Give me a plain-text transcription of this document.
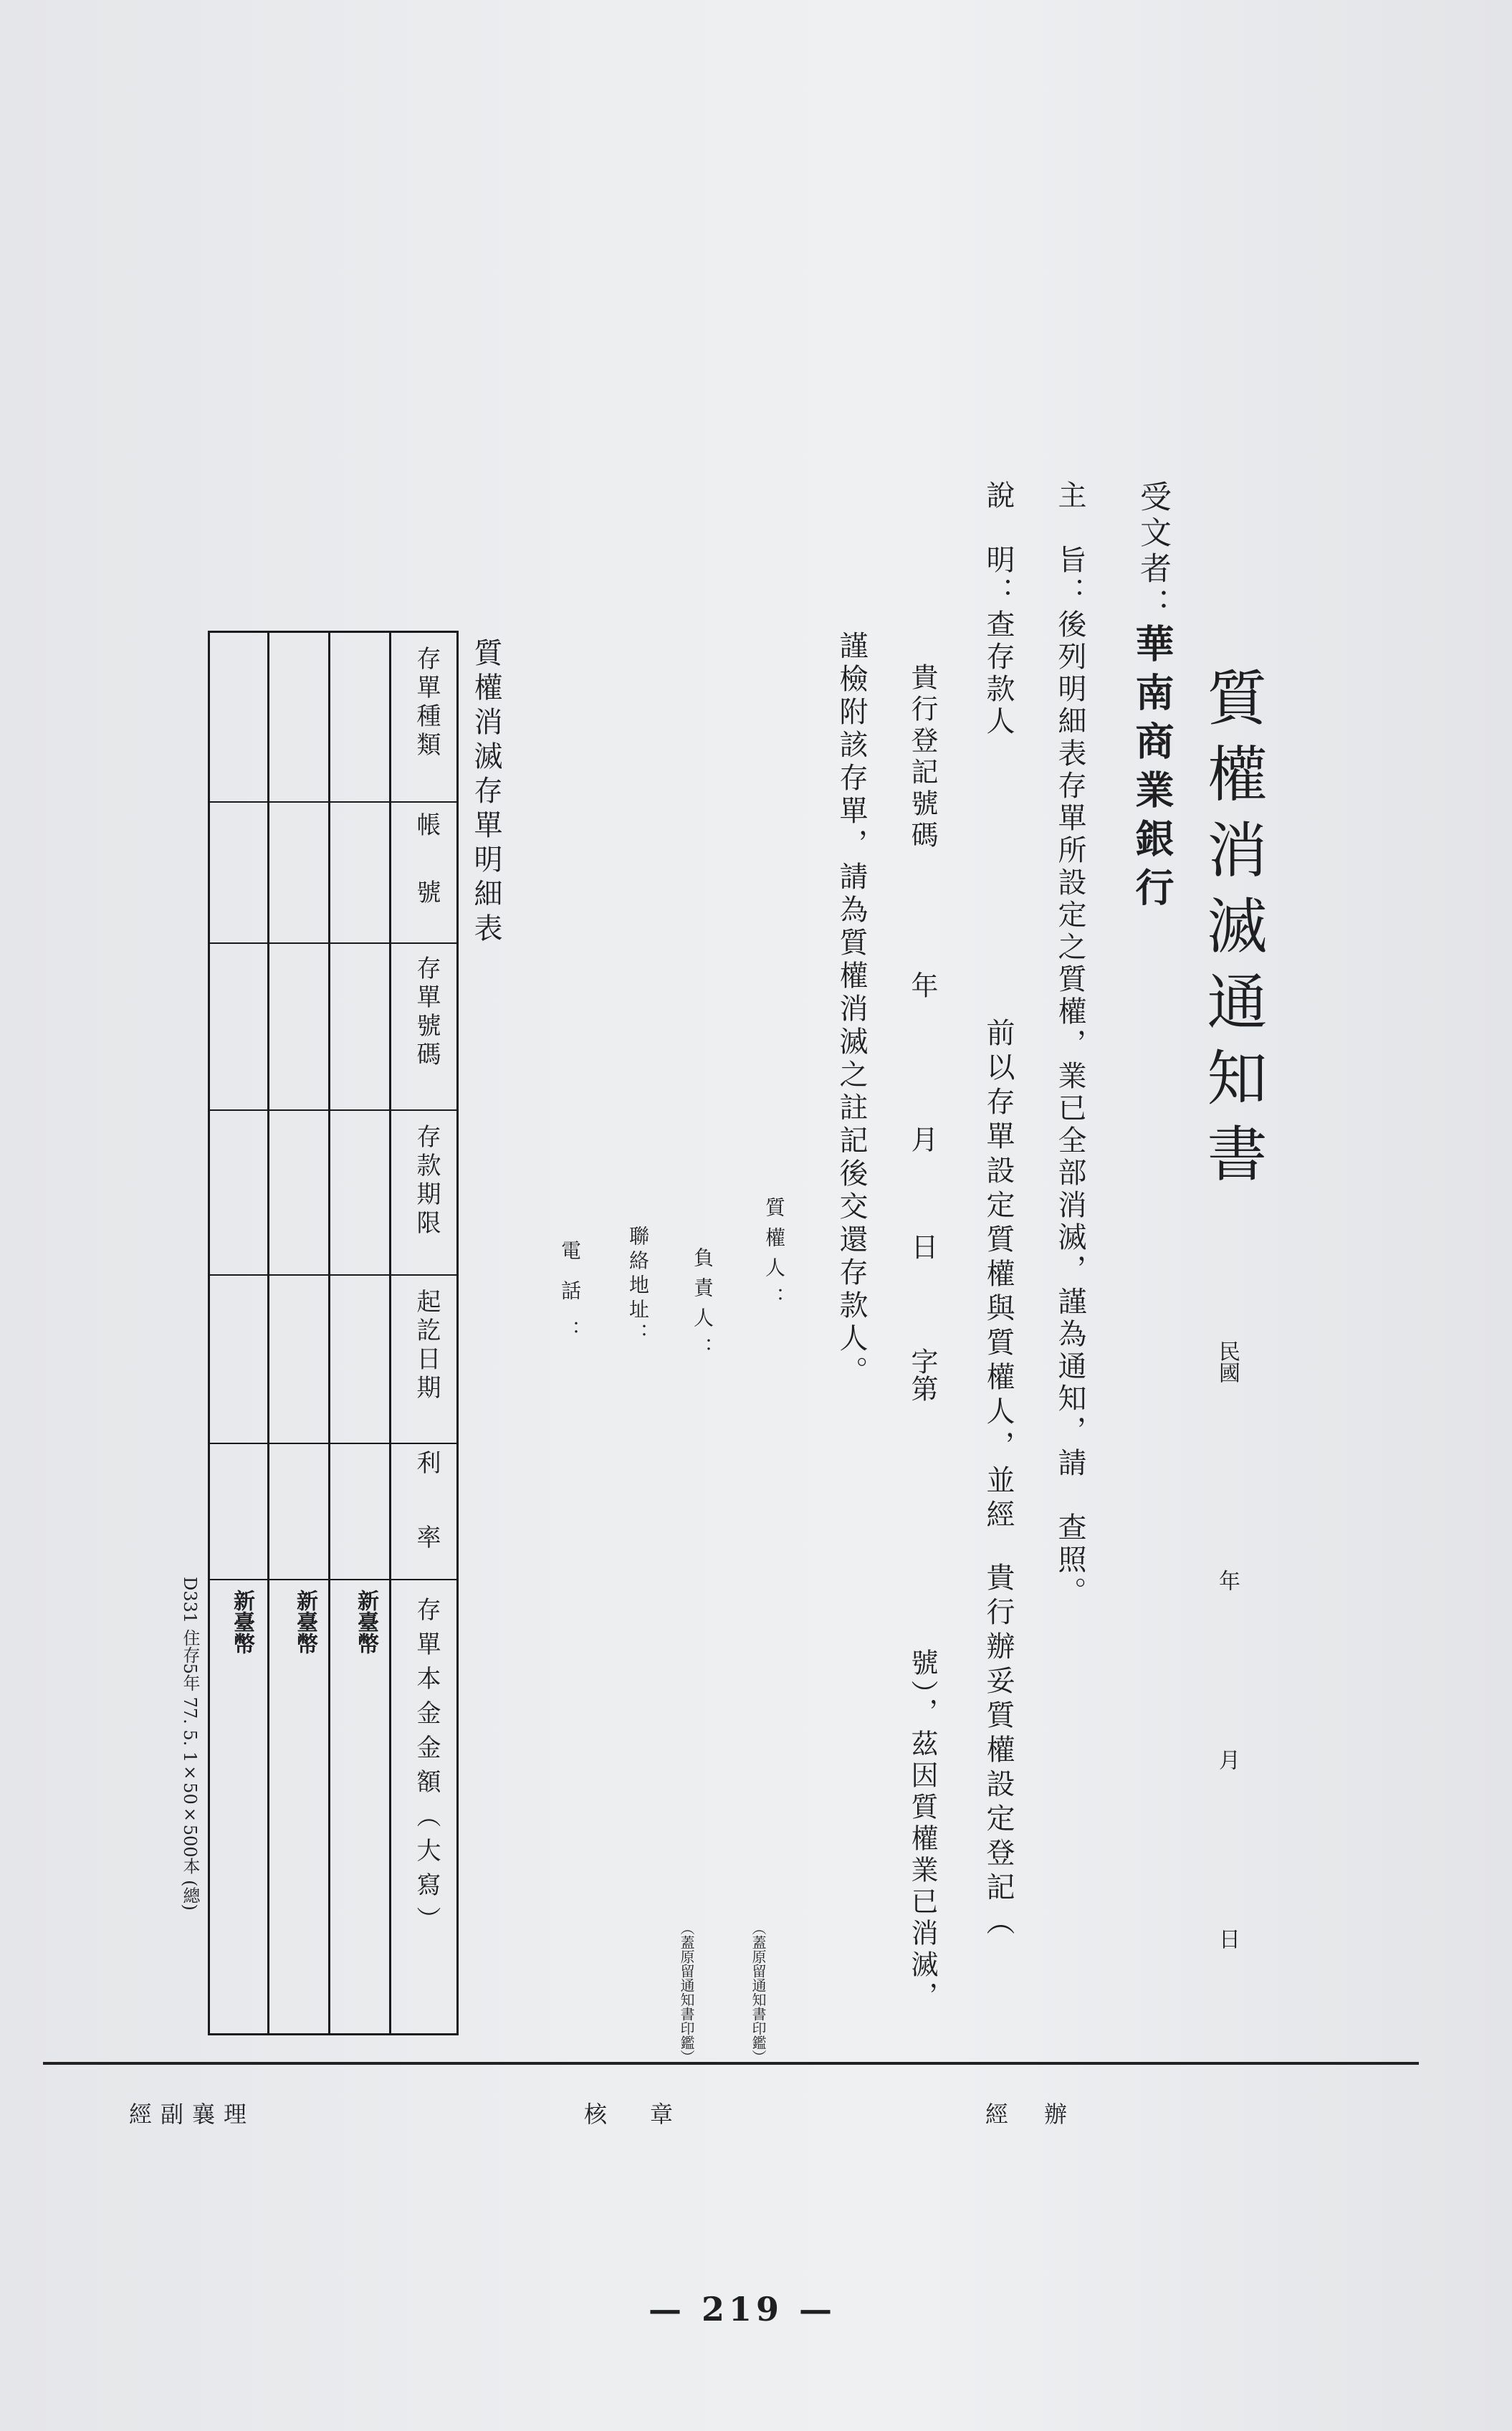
質權消滅通知書
民國  年  月  日
受文者：華南商業銀行
主　旨：後列明細表存單所設定之質權，業已全部消滅，謹為通知，請
查照。
說　明：查存款人
前以存單設定質權與質權人，並經貴行辦妥質權設定登記（
貴行登記號碼
年
月
日
字第
號），茲因質權業已消滅，
謹檢附該存單，請為質權消滅之註記後交還存款人。
質權人：
負責人：
聯絡地址：
電話：
（蓋原留通知書印鑑）
（蓋原留通知書印鑑）
質權消滅存單明細表
存單種類
帳號
存單號碼
存款期限
起訖日期
利率
存單本金金額（大寫）
新臺幣
新臺幣
新臺幣
D331 住存5年 77. 5. 1×50×500本 (總)
經副襄理	核章	經辦
— 219 —
